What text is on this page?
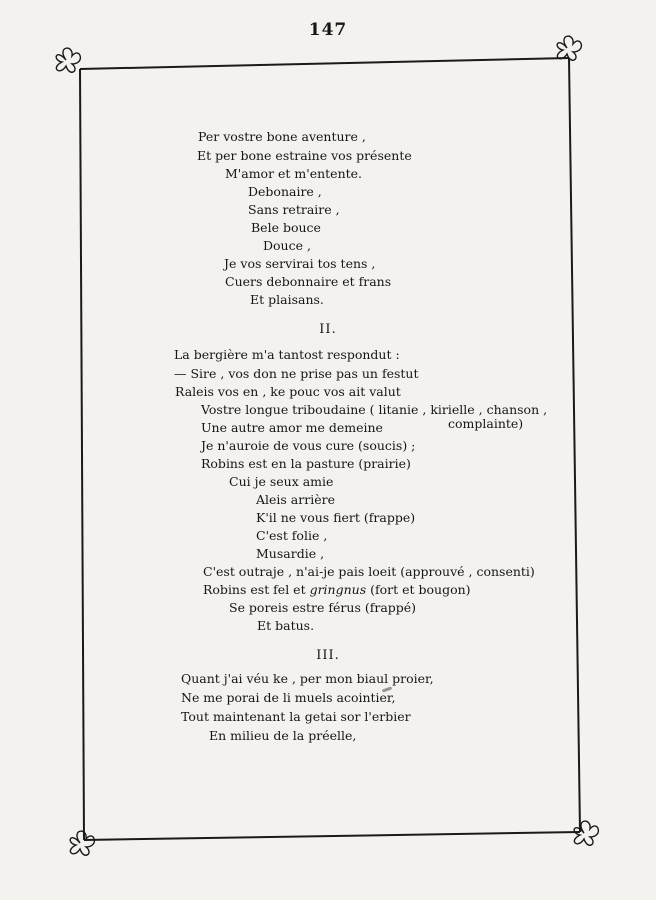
147
Per vostre bone aventure ,
Et per bone estraine vos présente
M'amor et m'entente.
Debonaire ,
Sans retraire ,
Bele bouce
Douce ,
Je vos servirai tos tens ,
Cuers debonnaire et frans
Et plaisans.
II.
La bergière m'a tantost respondut :
— Sire , vos don ne prise pas un festut
Raleis vos en , ke pouc vos ait valut
Vostre longue triboudaine ( litanie , kirielle , chanson ,
Une autre amor me demeine	complainte)
Je n'auroie de vous cure (soucis) ;
Robins est en la pasture (prairie)
Cui je seux amie
Aleis arrière
K'il ne vous fiert (frappe)
C'est folie ,
Musardie ,
C'est outraje , n'ai-je pais loeit (approuvé , consenti)
Robins est fel et gringnus (fort et bougon)
Se poreis estre férus (frappé)
Et batus.
III.
Quant j'ai véu ke , per mon biaul proier,
Ne me porai de li muels acointier,
Tout maintenant la getai sor l'erbier
En milieu de la préelle,
